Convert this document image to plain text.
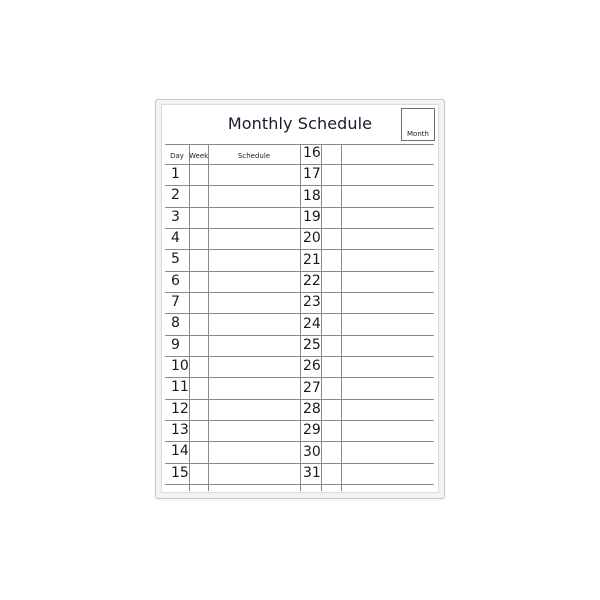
Monthly Schedule
Month
1
2
3
4
5
6
7
8
9
10
11
12
13
14
15
16
17
18
19
20
21
22
23
24
25
26
27
28
29
30
31
Day Week	Schedule
